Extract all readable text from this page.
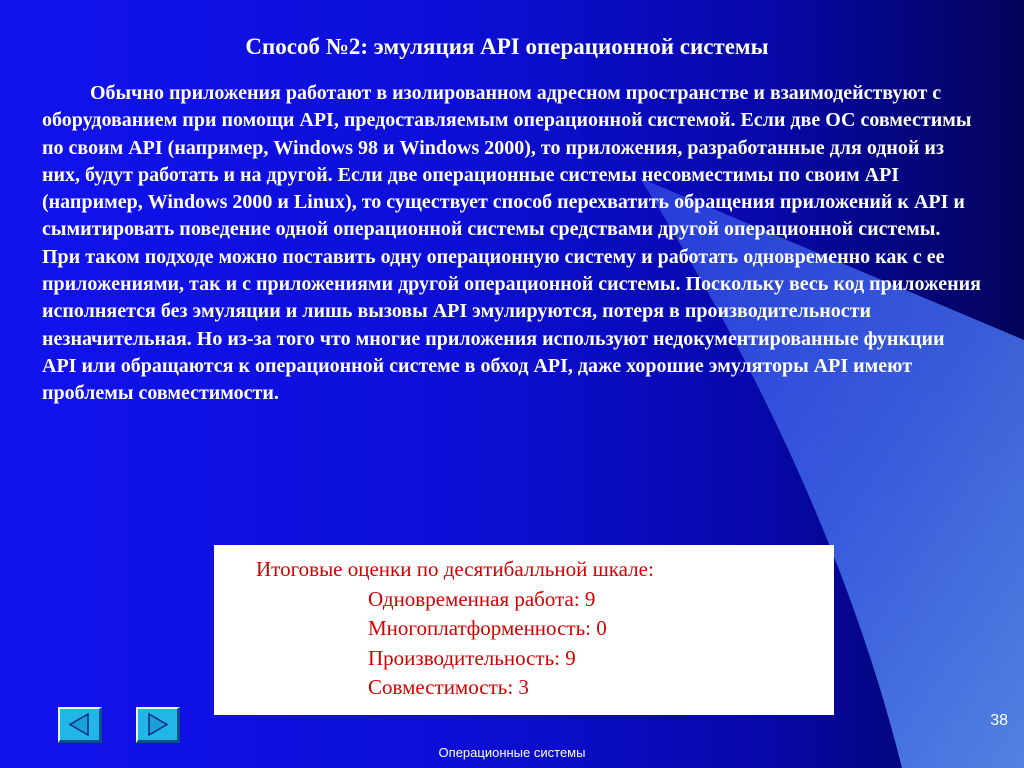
Способ №2: эмуляция API операционной системы
Обычно приложения работают в изолированном адресном пространстве и взаимодействуют с оборудованием при помощи API, предоставляемым операционной системой. Если две ОС совместимы по своим API (например, Windows 98 и Windows 2000), то приложения, разработанные для одной из них, будут работать и на другой. Если две операционные системы несовместимы по своим API (например, Windows 2000 и Linux), то существует способ перехватить обращения приложений к API и сымитировать поведение одной операционной системы средствами другой операционной системы.
При таком подходе можно поставить одну операционную систему и работать одновременно как с ее приложениями, так и с приложениями другой операционной системы. Поскольку весь код приложения исполняется без эмуляции и лишь вызовы API эмулируются, потеря в производительности незначительная. Но из-за того что многие приложения используют недокументированные функции API или обращаются к операционной системе в обход API, даже хорошие эмуляторы API имеют проблемы совместимости.
Итоговые оценки по десятибалльной шкале:
Одновременная работа: 9
Многоплатформенность: 0
Производительность: 9
Совместимость: 3
38
Операционные системы
